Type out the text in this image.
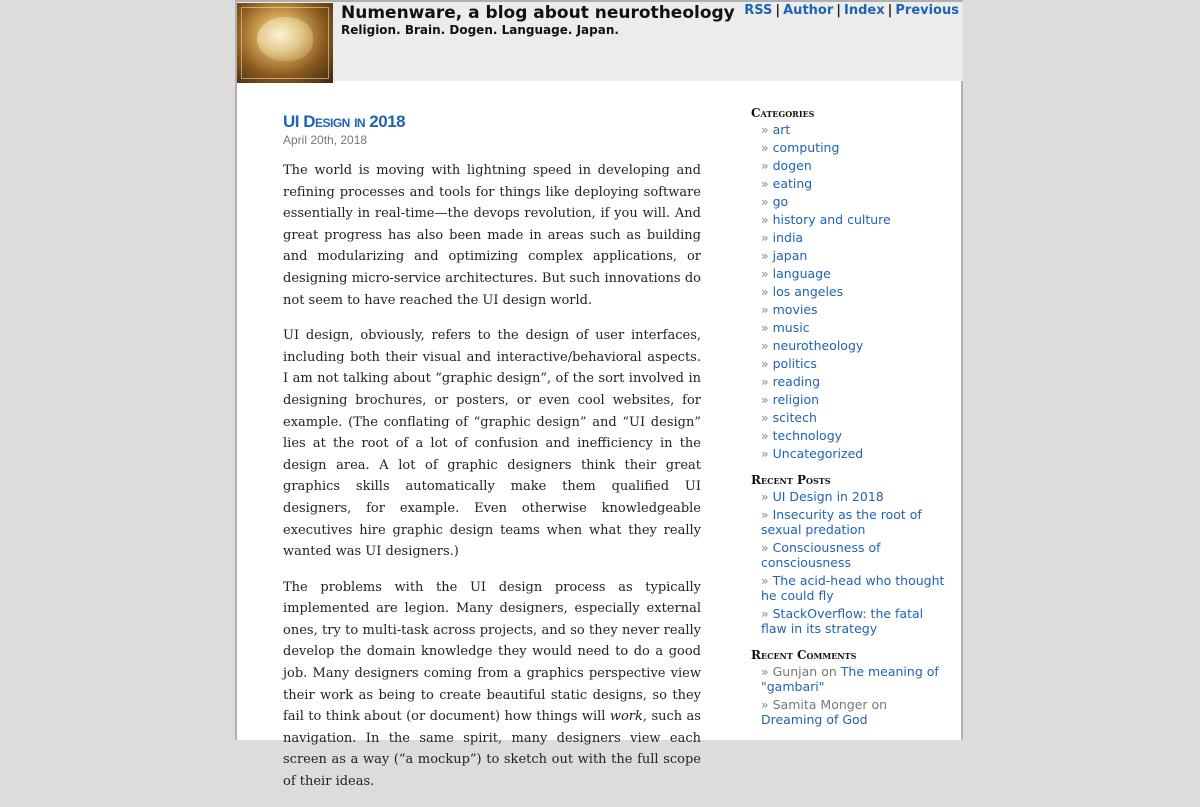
Numenware, a blog about neurotheology
Religion. Brain. Dogen. Language. Japan.
RSS | Author | Index | Previous
UI Design in 2018
April 20th, 2018

The world is moving with lightning speed in developing and refining processes and tools for things like deploying software essentially in real-time—the devops revolution, if you will. And great progress has also been made in areas such as building and modularizing and optimizing complex applications, or designing micro-service architectures. But such innovations do not seem to have reached the UI design world.

UI design, obviously, refers to the design of user interfaces, including both their visual and interactive/behavioral aspects. I am not talking about “graphic design”, of the sort involved in designing brochures, or posters, or even cool websites, for example. (The conflating of “graphic design” and “UI design” lies at the root of a lot of confusion and inefficiency in the design area. A lot of graphic designers think their great graphics skills automatically make them qualified UI designers, for example. Even otherwise knowledgeable executives hire graphic design teams when what they really wanted was UI designers.)

The problems with the UI design process as typically implemented are legion. Many designers, especially external ones, try to multi-task across projects, and so they never really develop the domain knowledge they would need to do a good job. Many designers coming from a graphics perspective view their work as being to create beautiful static designs, so they fail to think about (or document) how things will work, such as navigation. In the same spirit, many designers view each screen as a way (“a mockup”) to sketch out with the full scope of their ideas.

Categories
» art
» computing
» dogen
» eating
» go
» history and culture
» india
» japan
» language
» los angeles
» movies
» music
» neurotheology
» politics
» reading
» religion
» scitech
» technology
» Uncategorized
Recent Posts
» UI Design in 2018
» Insecurity as the root of sexual predation
» Consciousness of consciousness
» The acid-head who thought he could fly
» StackOverflow: the fatal flaw in its strategy
Recent Comments
» Gunjan on The meaning of "gambari"
» Samita Monger on Dreaming of God
